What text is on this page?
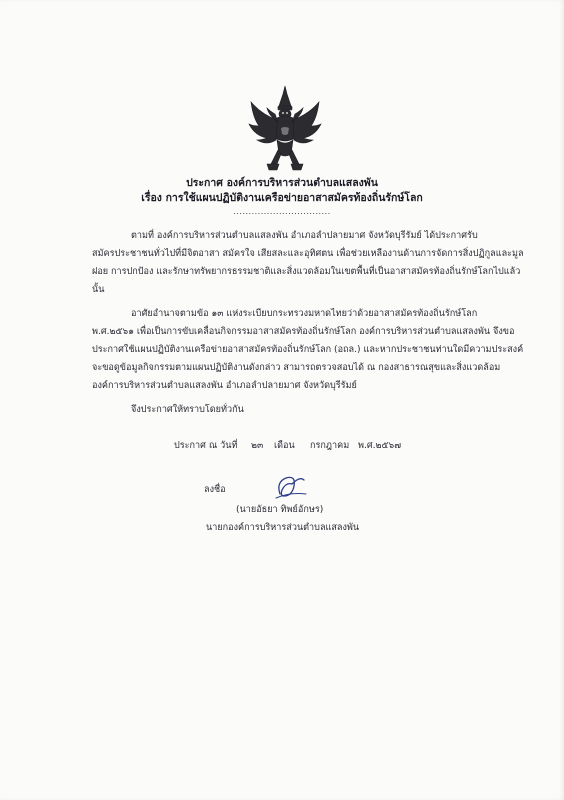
ประกาศ องค์การบริหารส่วนตำบลแสลงพัน
เรื่อง การใช้แผนปฏิบัติงานเครือข่ายอาสาสมัครท้องถิ่นรักษ์โลก
................................
ตามที่ องค์การบริหารส่วนตำบลแสลงพัน อำเภอลำปลายมาศ จังหวัดบุรีรัมย์ ได้ประกาศรับ
สมัครประชาชนทั่วไปที่มีจิตอาสา สมัครใจ เสียสละและอุทิศตน เพื่อช่วยเหลืองานด้านการจัดการสิ่งปฏิกูลและมูล
ฝอย การปกป้อง และรักษาทรัพยากรธรรมชาติและสิ่งแวดล้อมในเขตพื้นที่เป็นอาสาสมัครท้องถิ่นรักษ์โลกไปแล้ว
นั้น
อาศัยอำนาจตามข้อ ๑๓ แห่งระเบียบกระทรวงมหาดไทยว่าด้วยอาสาสมัครท้องถิ่นรักษ์โลก
พ.ศ.๒๕๖๑ เพื่อเป็นการขับเคลื่อนกิจกรรมอาสาสมัครท้องถิ่นรักษ์โลก องค์การบริหารส่วนตำบลแสลงพัน จึงขอ
ประกาศใช้แผนปฏิบัติงานเครือข่ายอาสาสมัครท้องถิ่นรักษ์โลก (อถล.) และหากประชาชนท่านใดมีความประสงค์
จะขอดูข้อมูลกิจกรรมตามแผนปฏิบัติงานดังกล่าว สามารถตรวจสอบได้ ณ กองสาธารณสุขและสิ่งแวดล้อม
องค์การบริหารส่วนตำบลแสลงพัน อำเภอลำปลายมาศ จังหวัดบุรีรัมย์
จึงประกาศให้ทราบโดยทั่วกัน
ประกาศ ณ วันที่ ๒๓ เดือน กรกฎาคม พ.ศ.๒๕๖๗
ลงชื่อ
(นายอัธยา ทิพย์อักษร)
นายกองค์การบริหารส่วนตำบลแสลงพัน
